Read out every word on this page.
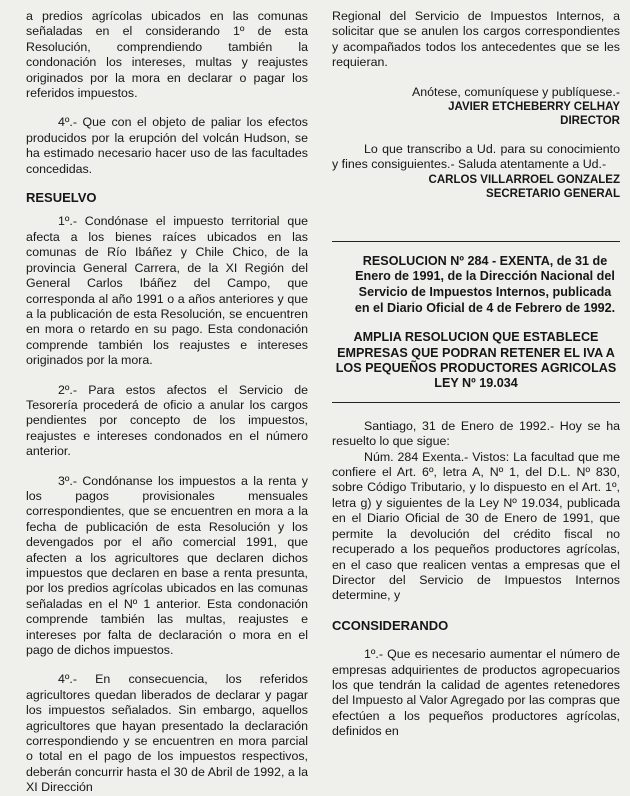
a predios agrícolas ubicados en las comunas señaladas en el considerando 1º de esta Resolución, comprendiendo también la condonación los intereses, multas y reajustes originados por la mora en declarar o pagar los referidos impuestos.

4º.- Que con el objeto de paliar los efectos producidos por la erupción del volcán Hudson, se ha estimado necesario hacer uso de las facultades concedidas.

RESUELVO

1º.- Condónase el impuesto territorial que afecta a los bienes raíces ubicados en las comunas de Río Ibáñez y Chile Chico, de la provincia General Carrera, de la XI Región del General Carlos Ibáñez del Campo, que corresponda al año 1991 o a años anteriores y que a la publicación de esta Resolución, se encuentren en mora o retardo en su pago. Esta condonación comprende también los reajustes e intereses originados por la mora.

2º.- Para estos afectos el Servicio de Tesorería procederá de oficio a anular los cargos pendientes por concepto de los impuestos, reajustes e intereses condonados en el número anterior.

3º.- Condónanse los impuestos a la renta y los pagos provisionales mensuales correspondientes, que se encuentren en mora a la fecha de publicación de esta Resolución y los devengados por el año comercial 1991, que afecten a los agricultores que declaren dichos impuestos que declaren en base a renta presunta, por los predios agrícolas ubicados en las comunas señaladas en el Nº 1 anterior. Esta condonación comprende también las multas, reajustes e intereses por falta de declaración o mora en el pago de dichos impuestos.

4º.- En consecuencia, los referidos agricultores quedan liberados de declarar y pagar los impuestos señalados. Sin embargo, aquellos agricultores que hayan presentado la declaración correspondiendo y se encuentren en mora parcial o total en el pago de los impuestos respectivos, deberán concurrir hasta el 30 de Abril de 1992, a la XI Dirección

Regional del Servicio de Impuestos Internos, a solicitar que se anulen los cargos correspondientes y acompañados todos los antecedentes que se les requieran.

Anótese, comuníquese y publíquese.-

JAVIER ETCHEBERRY CELHAY
DIRECTOR

Lo que transcribo a Ud. para su conocimiento y fines consiguientes.- Saluda atentamente a Ud.-

CARLOS VILLARROEL GONZALEZ
SECRETARIO GENERAL

RESOLUCION Nº 284 - EXENTA, de 31 de Enero de 1991, de la Dirección Nacional del Servicio de Impuestos Internos, publicada en el Diario Oficial de 4 de Febrero de 1992.

AMPLIA RESOLUCION QUE ESTABLECE EMPRESAS QUE PODRAN RETENER EL IVA A LOS PEQUEÑOS PRODUCTORES AGRICOLAS LEY Nº 19.034

Santiago, 31 de Enero de 1992.- Hoy se ha resuelto lo que sigue:

Núm. 284 Exenta.- Vistos: La facultad que me confiere el Art. 6º, letra A, Nº 1, del D.L. Nº 830, sobre Código Tributario, y lo dispuesto en el Art. 1º, letra g) y siguientes de la Ley Nº 19.034, publicada en el Diario Oficial de 30 de Enero de 1991, que permite la devolución del crédito fiscal no recuperado a los pequeños productores agrícolas, en el caso que realicen ventas a empresas que el Director del Servicio de Impuestos Internos determine, y

CCONSIDERANDO

1º.- Que es necesario aumentar el número de empresas adquirientes de productos agropecuarios los que tendrán la calidad de agentes retenedores del Impuesto al Valor Agregado por las compras que efectúen a los pequeños productores agrícolas, definidos en
